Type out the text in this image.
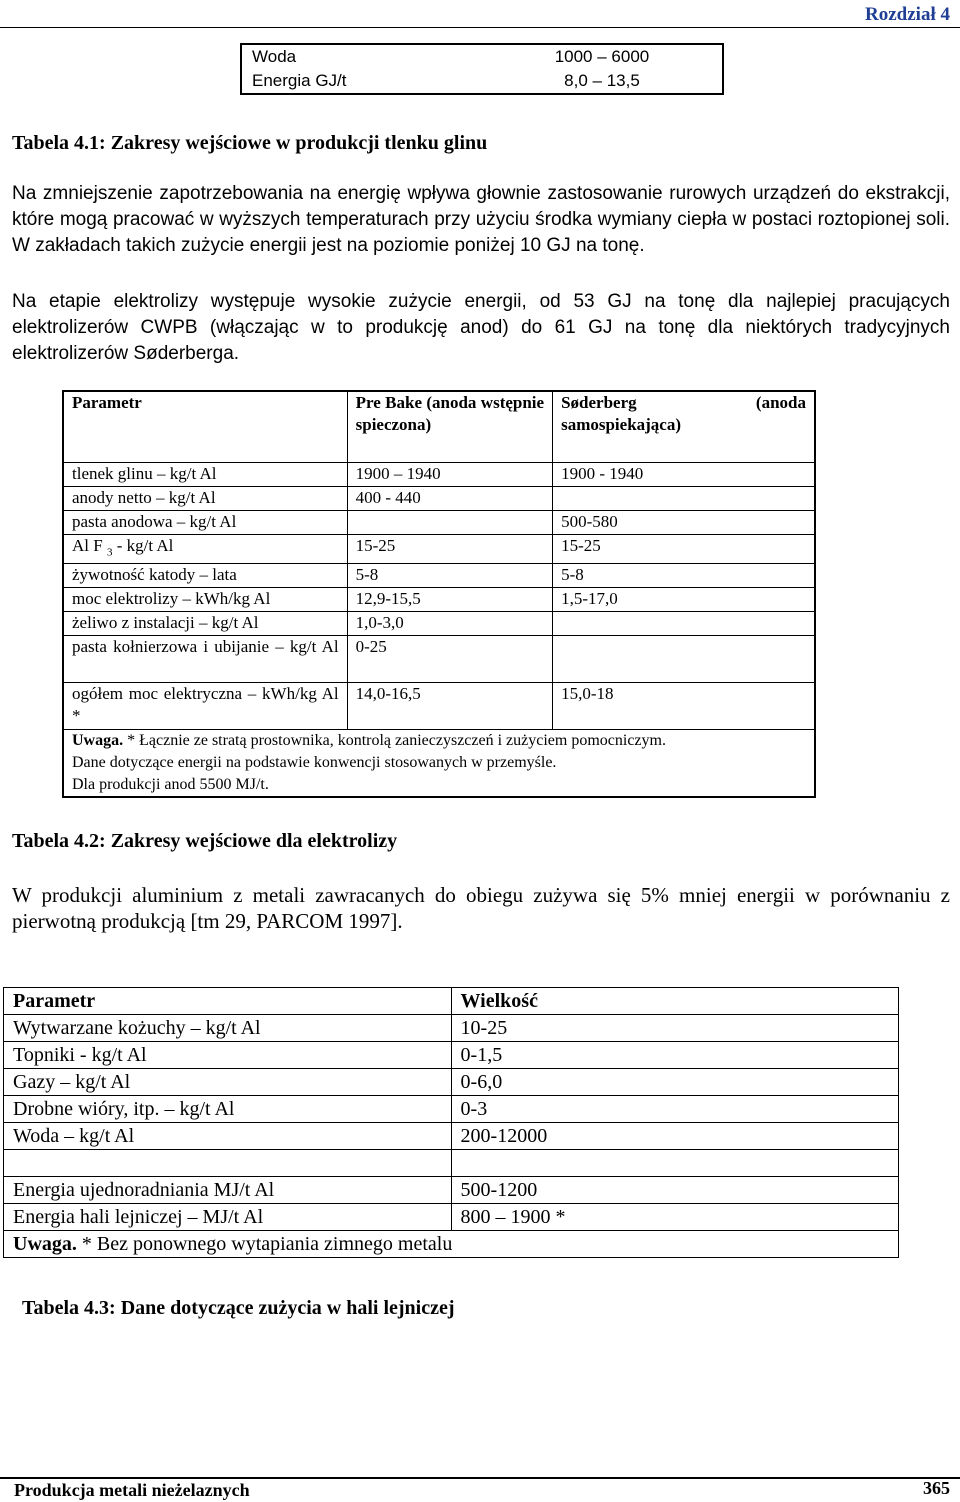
Rozdział 4
Woda	1000 – 6000
Energia GJ/t	8,0 – 13,5
Tabela 4.1: Zakresy wejściowe w produkcji tlenku glinu
Na zmniejszenie zapotrzebowania na energię wpływa głownie zastosowanie rurowych urządzeń do ekstrakcji, które mogą pracować w wyższych temperaturach przy użyciu środka wymiany ciepła w postaci roztopionej soli. W zakładach takich zużycie energii jest na poziomie poniżej 10 GJ na tonę.
Na etapie elektrolizy występuje wysokie zużycie energii, od 53 GJ na tonę dla najlepiej pracujących elektrolizerów CWPB (włączając w to produkcję anod) do 61 GJ na tonę dla niektórych tradycyjnych elektrolizerów Søderberga.
Parametr	Pre Bake (anoda wstępnie spieczona)	Søderberg (anoda samospiekająca)
tlenek glinu – kg/t Al	1900 – 1940	1900 - 1940
anody netto – kg/t Al	400 - 440	
pasta anodowa – kg/t Al		500-580
Al F $_3$ - kg/t Al	15-25	15-25
żywotność katody – lata	5-8	5-8
moc elektrolizy – kWh/kg Al	12,9-15,5	1,5-17,0
żeliwo z instalacji – kg/t Al	1,0-3,0	
pasta kołnierzowa i ubijanie – kg/t Al	0-25	
ogółem moc elektryczna – kWh/kg Al *	14,0-16,5	15,0-18

Uwaga. * Łącznie ze stratą prostownika, kontrolą zanieczyszczeń i zużyciem pomocniczym.
Dane dotyczące energii na podstawie konwencji stosowanych w przemyśle.
Dla produkcji anod 5500 MJ/t.		
Tabela 4.2: Zakresy wejściowe dla elektrolizy
W produkcji aluminium z metali zawracanych do obiegu zużywa się 5% mniej energii w porównaniu z pierwotną produkcją [tm 29, PARCOM 1997].
Parametr	Wielkość
Wytwarzane kożuchy – kg/t Al	10-25
Topniki - kg/t Al	0-1,5
Gazy – kg/t Al	0-6,0
Drobne wióry, itp. – kg/t Al	0-3
Woda – kg/t Al	200-12000

Energia ujednoradniania MJ/t Al	500-1200
Energia hali lejniczej – MJ/t Al	800 – 1900 *
Uwaga. * Bez ponownego wytapiania zimnego metalu	
Tabela 4.3: Dane dotyczące zużycia w hali lejniczej
Produkcja metali nieżelaznych	365
